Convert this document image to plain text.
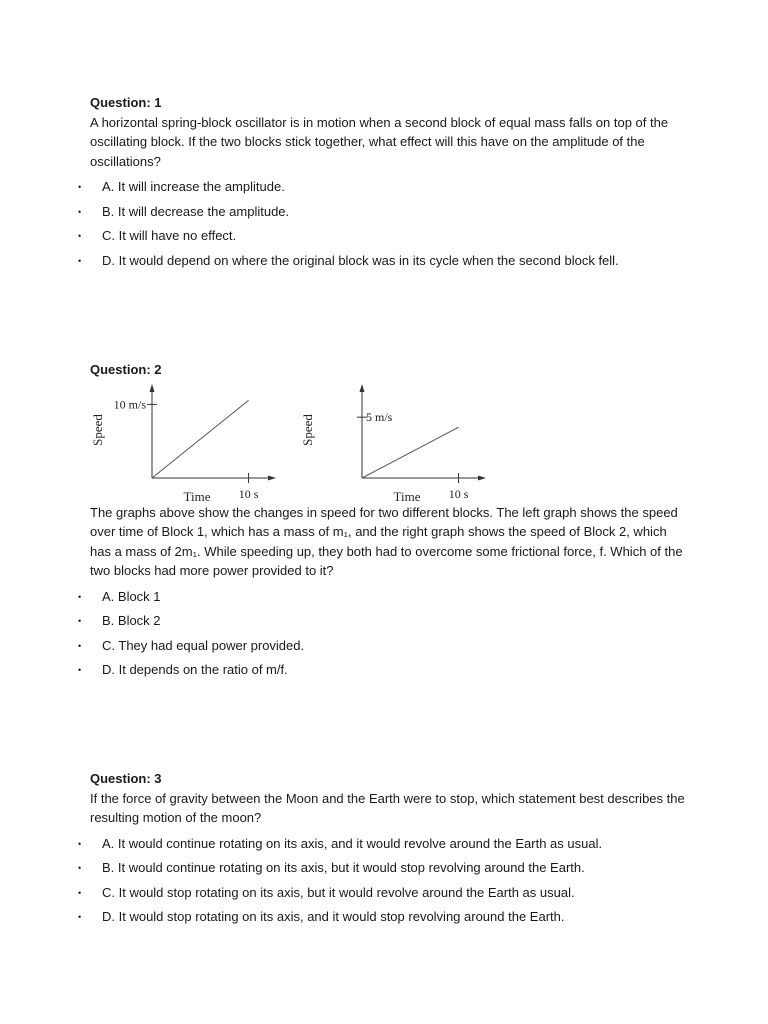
Question: 1

A horizontal spring-block oscillator is in motion when a second block of equal mass falls on top of the oscillating block. If the two blocks stick together, what effect will this have on the amplitude of the oscillations?

• A. It will increase the amplitude.
• B. It will decrease the amplitude.
• C. It will have no effect.
• D. It would depend on where the original block was in its cycle when the second block fell.

Question: 2

10 m/s
10 s
Time
Speed	5 m/s
10 s
Time
Speed

The graphs above show the changes in speed for two different blocks. The left graph shows the speed over time of Block 1, which has a mass of m₁, and the right graph shows the speed of Block 2, which has a mass of 2m₁. While speeding up, they both had to overcome some frictional force, f. Which of the two blocks had more power provided to it?

• A. Block 1
• B. Block 2
• C. They had equal power provided.
• D. It depends on the ratio of m/f.

Question: 3

If the force of gravity between the Moon and the Earth were to stop, which statement best describes the resulting motion of the moon?

• A. It would continue rotating on its axis, and it would revolve around the Earth as usual.
• B. It would continue rotating on its axis, but it would stop revolving around the Earth.
• C. It would stop rotating on its axis, but it would revolve around the Earth as usual.
• D. It would stop rotating on its axis, and it would stop revolving around the Earth.
